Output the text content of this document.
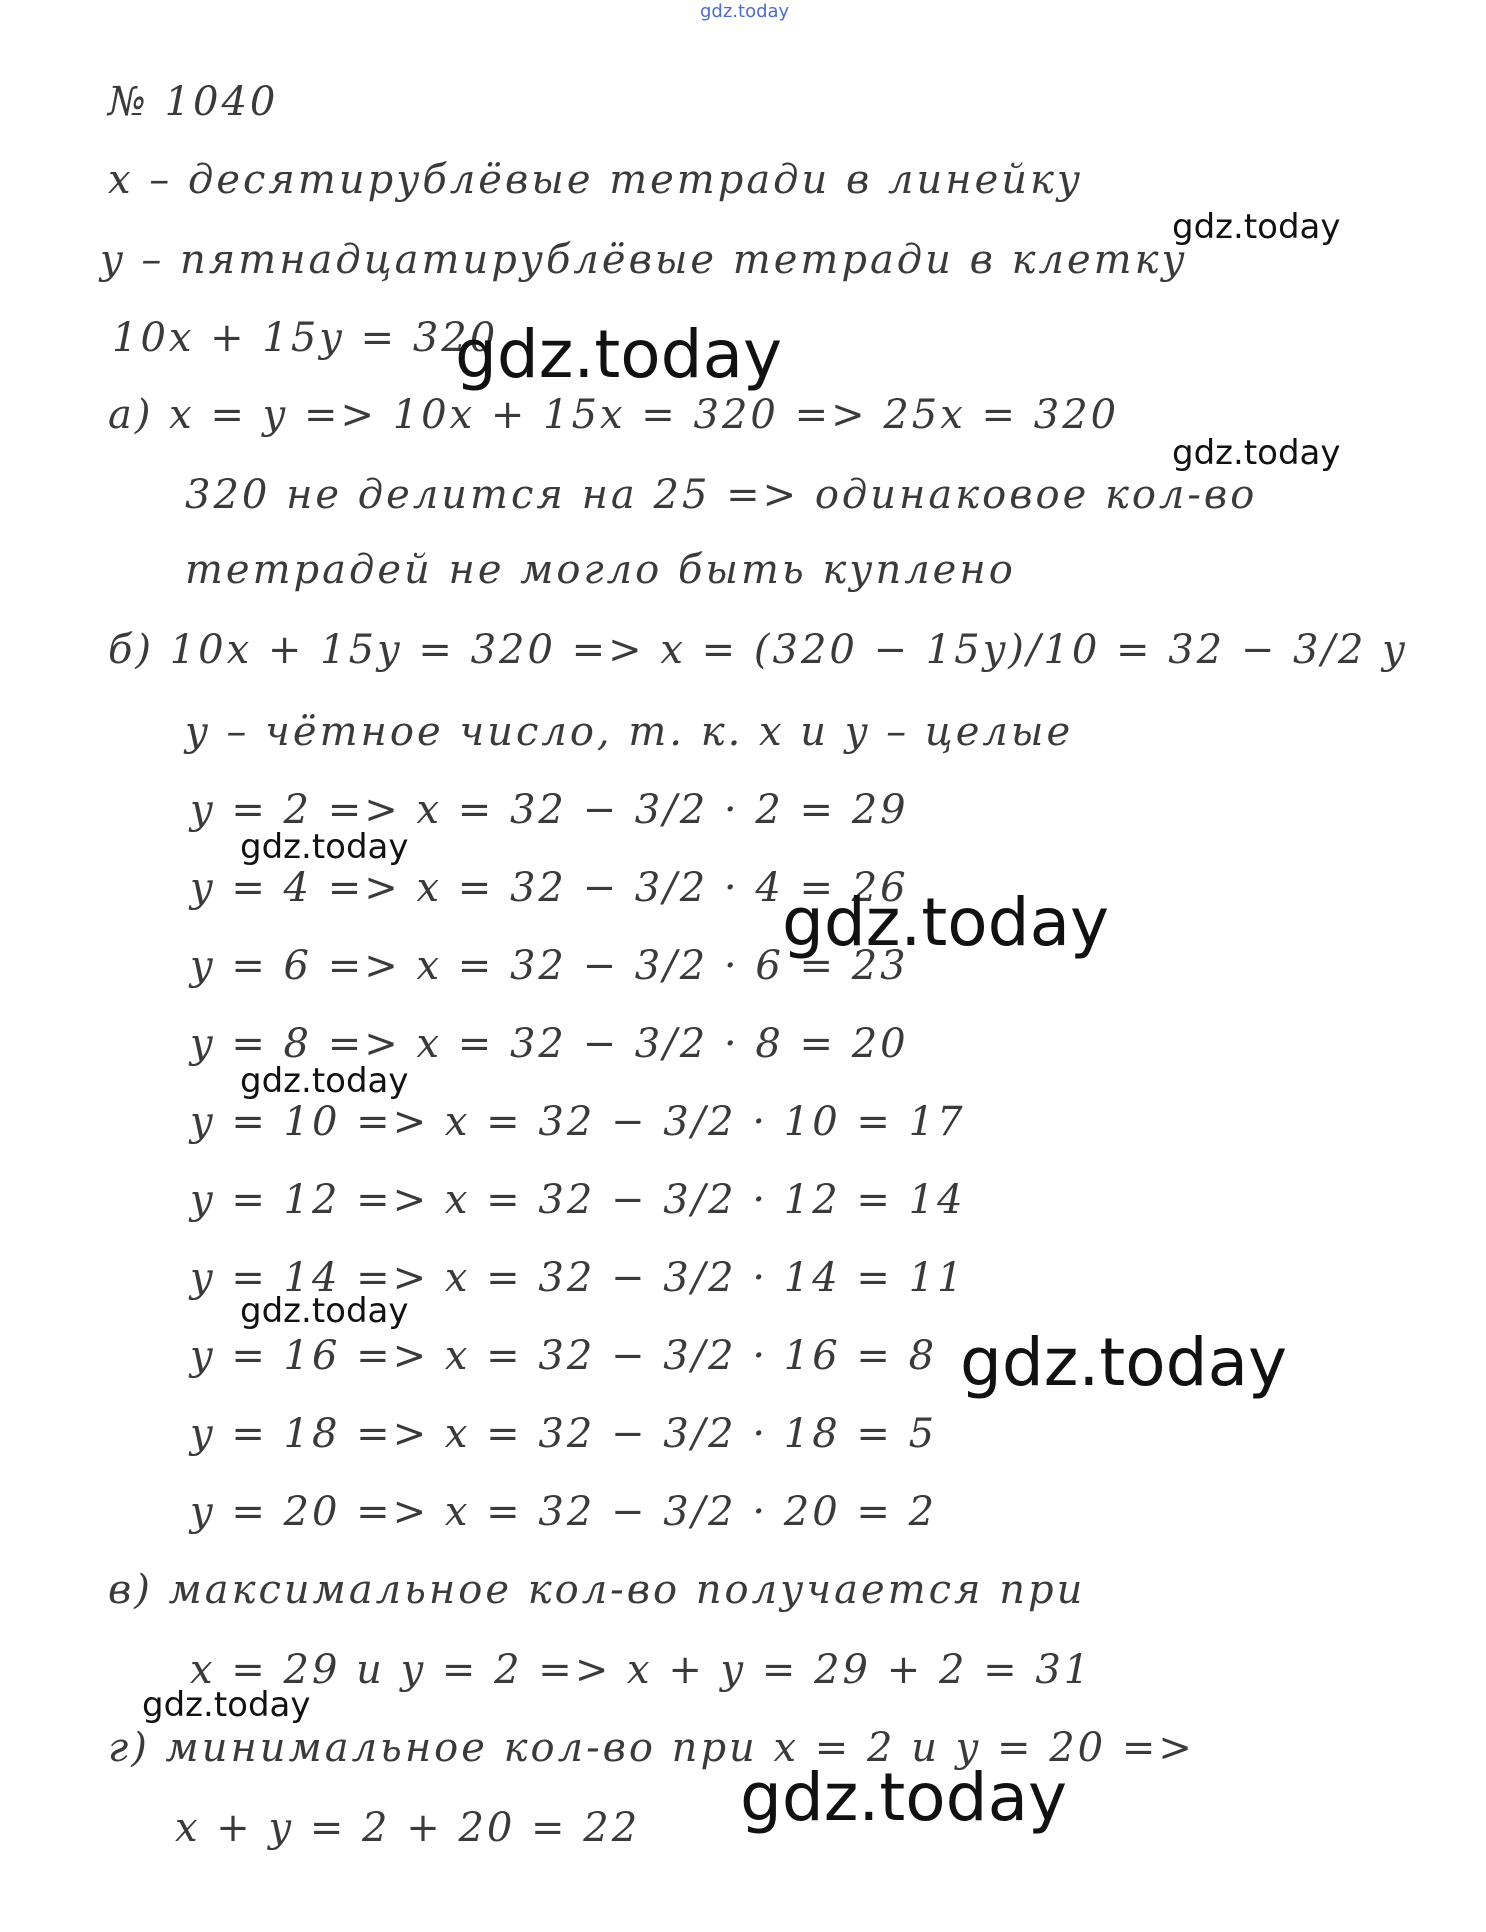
gdz.today
№ 1040
x – десятирублёвые тетради в линейку
y – пятнадцатирублёвые тетради в клетку
10x + 15y = 320
а) x = y => 10x + 15x = 320 => 25x = 320
320 не делится на 25 => одинаковое кол-во
тетрадей не могло быть куплено
б) 10x + 15y = 320 => x = (320 − 15y)/10 = 32 − 3/2 y
y – чётное число, т. к. x и y – целые
y = 2 => x = 32 − 3/2 · 2 = 29
y = 4 => x = 32 − 3/2 · 4 = 26
y = 6 => x = 32 − 3/2 · 6 = 23
y = 8 => x = 32 − 3/2 · 8 = 20
y = 10 => x = 32 − 3/2 · 10 = 17
y = 12 => x = 32 − 3/2 · 12 = 14
y = 14 => x = 32 − 3/2 · 14 = 11
y = 16 => x = 32 − 3/2 · 16 = 8
y = 18 => x = 32 − 3/2 · 18 = 5
y = 20 => x = 32 − 3/2 · 20 = 2
в) максимальное кол-во получается при
x = 29 и y = 2 => x + y = 29 + 2 = 31
г) минимальное кол-во при x = 2 и y = 20 =>
x + y = 2 + 20 = 22
gdz.today
gdz.today
gdz.today
gdz.today
gdz.today
gdz.today
gdz.today
gdz.today
gdz.today
gdz.today
